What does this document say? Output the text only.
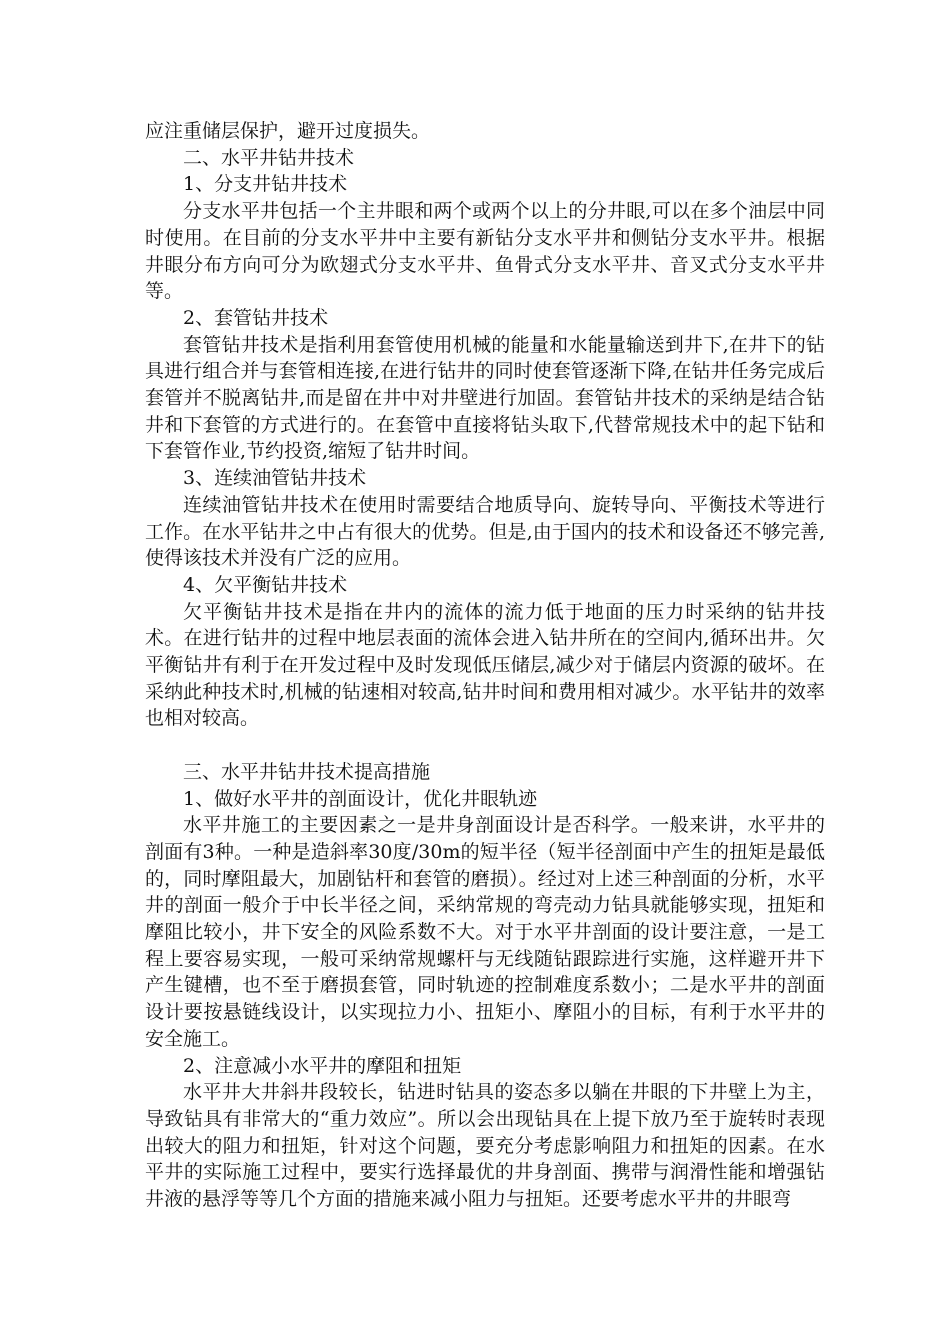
应注重储层保护，避开过度损失。

二、水平井钻井技术

1、分支井钻井技术

分支水平井包括一个主井眼和两个或两个以上的分井眼,可以在多个油层中同时使用。在目前的分支水平井中主要有新钻分支水平井和侧钻分支水平井。根据井眼分布方向可分为欧翅式分支水平井、鱼骨式分支水平井、音叉式分支水平井等。

2、套管钻井技术

套管钻井技术是指利用套管使用机械的能量和水能量输送到井下,在井下的钻具进行组合并与套管相连接,在进行钻井的同时使套管逐渐下降,在钻井任务完成后套管并不脱离钻井,而是留在井中对井壁进行加固。套管钻井技术的采纳是结合钻井和下套管的方式进行的。在套管中直接将钻头取下,代替常规技术中的起下钻和下套管作业,节约投资,缩短了钻井时间。

3、连续油管钻井技术

连续油管钻井技术在使用时需要结合地质导向、旋转导向、平衡技术等进行工作。在水平钻井之中占有很大的优势。但是,由于国内的技术和设备还不够完善,使得该技术并没有广泛的应用。

4、欠平衡钻井技术

欠平衡钻井技术是指在井内的流体的流力低于地面的压力时采纳的钻井技术。在进行钻井的过程中地层表面的流体会进入钻井所在的空间内,循环出井。欠平衡钻井有利于在开发过程中及时发现低压储层,减少对于储层内资源的破坏。在采纳此种技术时,机械的钻速相对较高,钻井时间和费用相对减少。水平钻井的效率也相对较高。

三、水平井钻井技术提高措施

1、做好水平井的剖面设计，优化井眼轨迹

水平井施工的主要因素之一是井身剖面设计是否科学。一般来讲，水平井的剖面有3种。一种是造斜率30度/30m的短半径（短半径剖面中产生的扭矩是最低的，同时摩阻最大，加剧钻杆和套管的磨损）。经过对上述三种剖面的分析，水平井的剖面一般介于中长半径之间，采纳常规的弯壳动力钻具就能够实现，扭矩和摩阻比较小，井下安全的风险系数不大。对于水平井剖面的设计要注意，一是工程上要容易实现，一般可采纳常规螺杆与无线随钻跟踪进行实施，这样避开井下产生键槽，也不至于磨损套管，同时轨迹的控制难度系数小；二是水平井的剖面设计要按悬链线设计，以实现拉力小、扭矩小、摩阻小的目标，有利于水平井的安全施工。

2、注意减小水平井的摩阻和扭矩

水平井大井斜井段较长，钻进时钻具的姿态多以躺在井眼的下井壁上为主，导致钻具有非常大的“重力效应”。所以会出现钻具在上提下放乃至于旋转时表现出较大的阻力和扭矩，针对这个问题，要充分考虑影响阻力和扭矩的因素。在水平井的实际施工过程中，要实行选择最优的井身剖面、携带与润滑性能和增强钻井液的悬浮等等几个方面的措施来减小阻力与扭矩。还要考虑水平井的井眼弯
